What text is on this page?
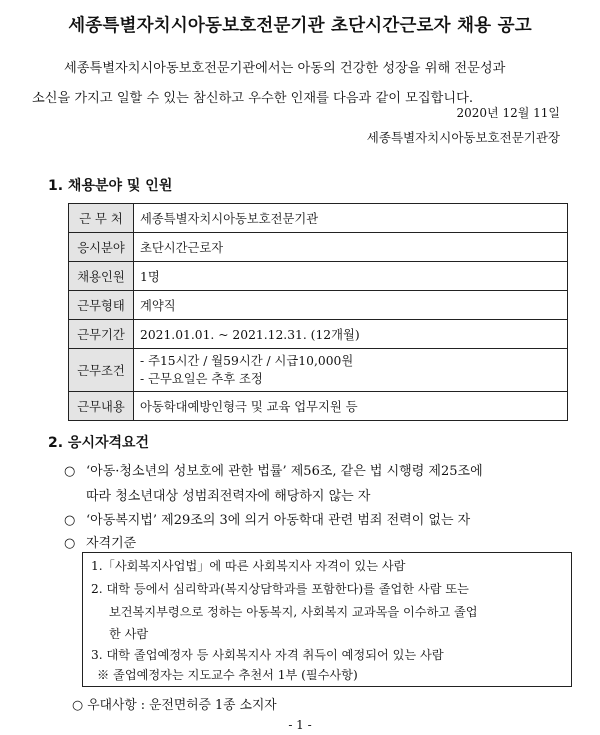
세종특별자치시아동보호전문기관 초단시간근로자 채용 공고
세종특별자치시아동보호전문기관에서는 아동의 건강한 성장을 위해 전문성과
소신을 가지고 일할 수 있는 참신하고 우수한 인재를 다음과 같이 모집합니다.
2020년 12월 11일
세종특별자치시아동보호전문기관장
1. 채용분야 및 인원
근 무 처	세종특별자치시아동보호전문기관
응시분야	초단시간근로자
채용인원	1명
근무형태	계약직
근무기간	2021.01.01. ~ 2021.12.31. (12개월)
근무조건	- 주15시간 / 월59시간 / 시급10,000원
- 근무요일은 추후 조정

근무내용	아동학대예방인형극 및 교육 업무지원 등
2. 응시자격요건
○ ‘아동·청소년의 성보호에 관한 법률’ 제56조, 같은 법 시행령 제25조에
따라 청소년대상 성범죄전력자에 해당하지 않는 자
○ ‘아동복지법’ 제29조의 3에 의거 아동학대 관련 범죄 전력이 없는 자
○ 자격기준
1.「사회복지사업법」에 따른 사회복지사 자격이 있는 사람
2. 대학 등에서 심리학과(복지상담학과를 포함한다)를 졸업한 사람 또는
보건복지부령으로 정하는 아동복지, 사회복지 교과목을 이수하고 졸업
한 사람
3. 대학 졸업예정자 등 사회복지사 자격 취득이 예정되어 있는 사람
※ 졸업예정자는 지도교수 추천서 1부 (필수사항)
○ 우대사항 : 운전면허증 1종 소지자
- 1 -
